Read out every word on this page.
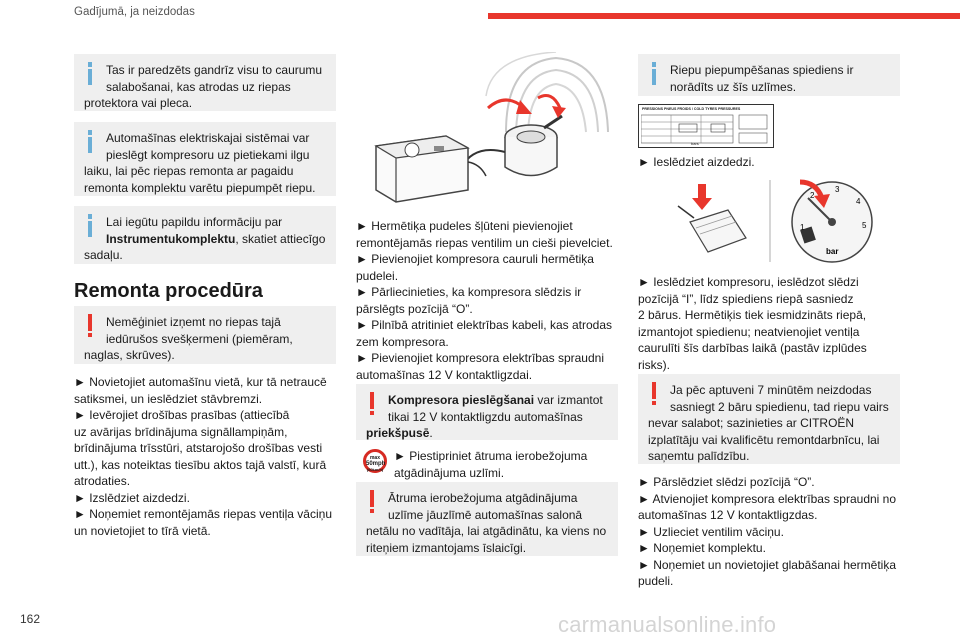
Gadījumā, ja neizdodas
Tas ir paredzēts gandrīz visu to caurumu
salabošanai, kas atrodas uz riepas
protektora vai pleca.
Automašīnas elektriskajai sistēmai var
pieslēgt kompresoru uz pietiekami ilgu
laiku, lai pēc riepas remonta ar pagaidu
remonta komplektu varētu piepumpēt riepu.
Lai iegūtu papildu informāciju par
Instrumentukomplektu, skatiet attiecīgo
sadaļu.
Remonta procedūra
Nemēģiniet izņemt no riepas tajā
iedūrušos svešķermeni (piemēram,
naglas, skrūves).
► Novietojiet automašīnu vietā, kur tā netraucē
satiksmei, un ieslēdziet stāvbremzi.
► Ievērojiet drošības prasības (attiecībā
uz avārijas brīdinājuma signāllampiņām,
brīdinājuma trīsstūri, atstarojošo drošības vesti
utt.), kas noteiktas tiesību aktos tajā valstī, kurā
atrodaties.
► Izslēdziet aizdedzi.
► Noņemiet remontējamās riepas ventiļa vāciņu
un novietojiet to tīrā vietā.
► Hermētiķa pudeles šļūteni pievienojiet
remontējamās riepas ventilim un cieši pievelciet.
► Pievienojiet kompresora cauruli hermētiķa
pudelei.
► Pārliecinieties, ka kompresora slēdzis ir
pārslēgts pozīcijā “O”.
► Pilnībā atritiniet elektrības kabeli, kas atrodas
zem kompresora.
► Pievienojiet kompresora elektrības spraudni
automašīnas 12 V kontaktligzdai.
Kompresora pieslēgšanai var izmantot
tikai 12 V kontaktligzdu automašīnas
priekšpusē.
max
50mph
(80km/h)
► Piestipriniet ātruma ierobežojuma
atgādinājuma uzlīmi.
Ātruma ierobežojuma atgādinājuma
uzlīme jāuzlīmē automašīnas salonā
netālu no vadītāja, lai atgādinātu, ka viens no
riteņiem izmantojams īslaicīgi.
Riepu piepumpēšanas spiediens ir
norādīts uz šīs uzlīmes.
PRESSIONS PNEUS FROIDS / COLD TYRES PRESSURES
bars
► Ieslēdziet aizdedzi.
1
2
3
4
5
bar
► Ieslēdziet kompresoru, ieslēdzot slēdzi
pozīcijā “I”, līdz spiediens riepā sasniedz
2 bārus. Hermētiķis tiek iesmidzināts riepā,
izmantojot spiedienu; neatvienojiet ventiļa
caurulīti šīs darbības laikā (pastāv izplūdes
risks).
Ja pēc aptuveni 7 minūtēm neizdodas
sasniegt 2 bāru spiedienu, tad riepu vairs
nevar salabot; sazinieties ar CITROËN
izplatītāju vai kvalificētu remontdarbnīcu, lai
saņemtu palīdzību.
► Pārslēdziet slēdzi pozīcijā “O”.
► Atvienojiet kompresora elektrības spraudni no
automašīnas 12 V kontaktligzdas.
► Uzlieciet ventilim vāciņu.
► Noņemiet komplektu.
► Noņemiet un novietojiet glabāšanai hermētiķa
pudeli.
162	carmanualsonline.info
